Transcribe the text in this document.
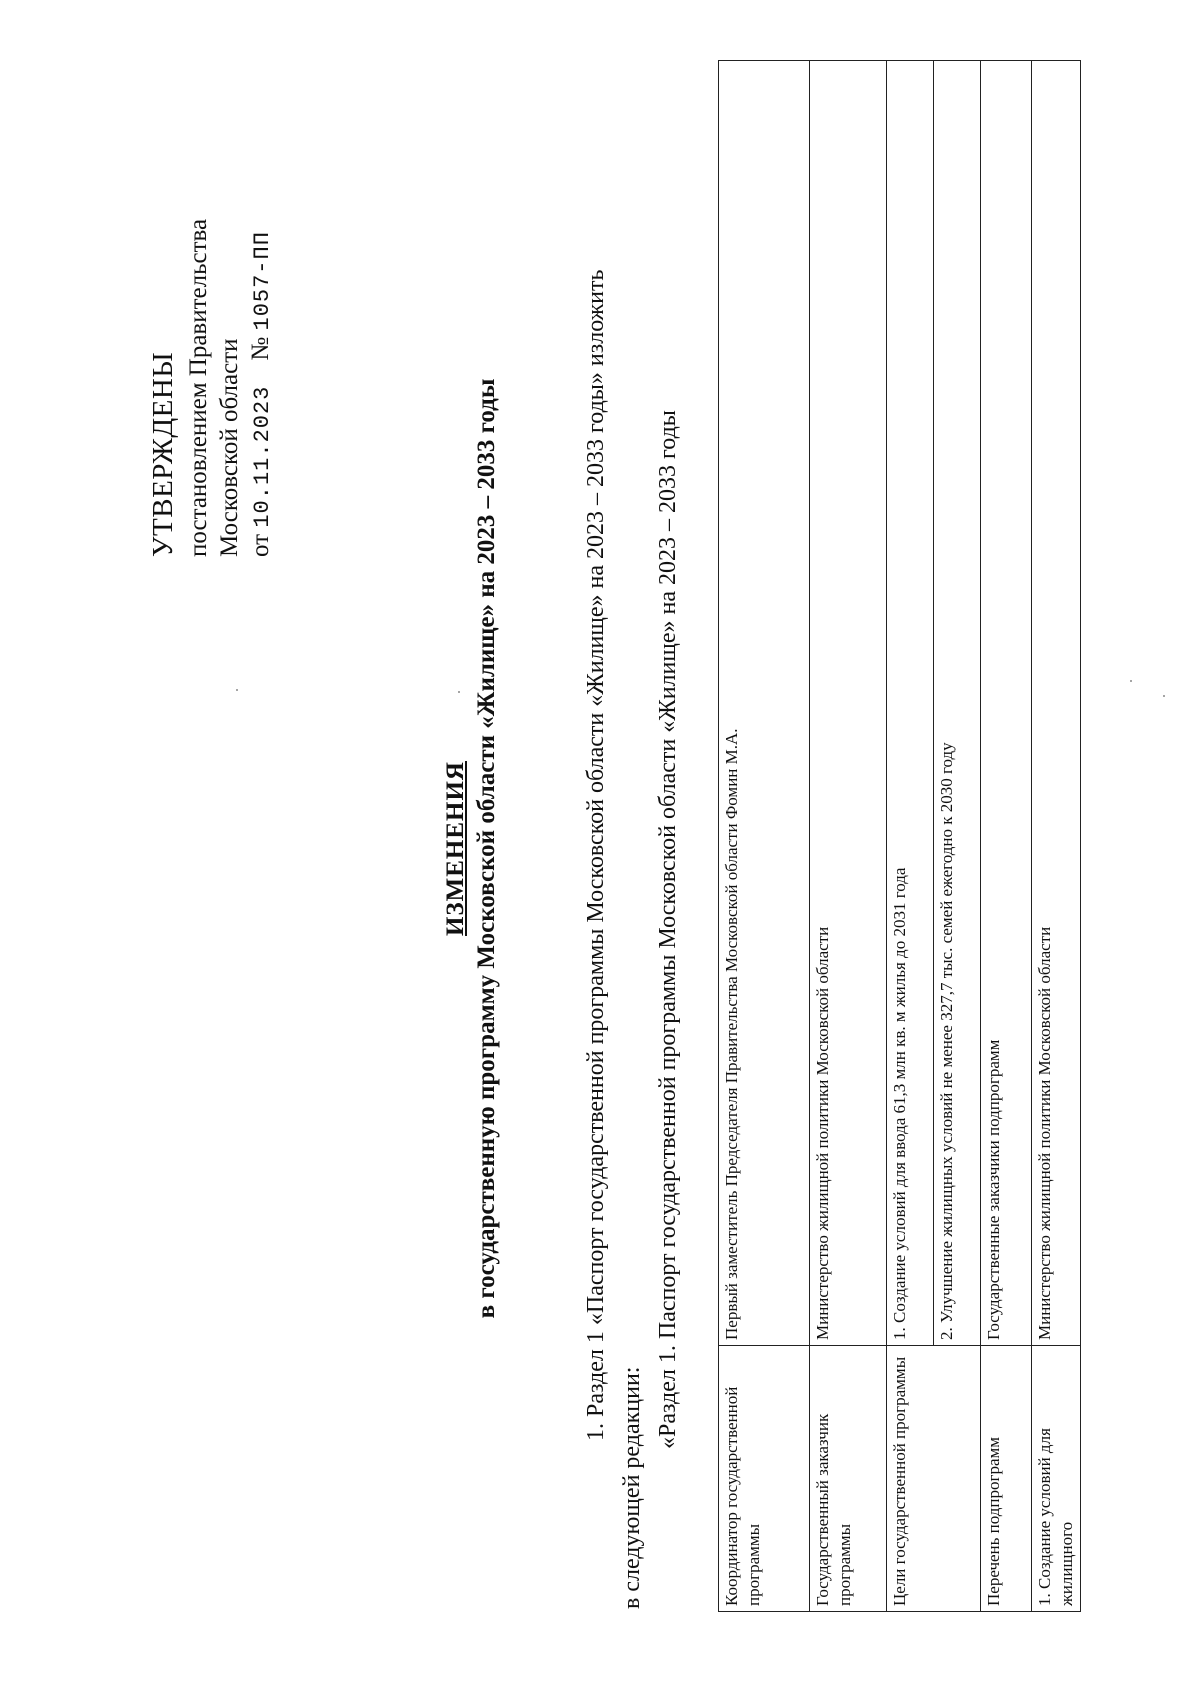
УТВЕРЖДЕНЫ постановлением Правительства Московской области от 10.11.2023    № 1057-ПП
ИЗМЕНЕНИЯ в государственную программу Московской области «Жилище» на 2023 – 2033 годы	1. Раздел 1 «Паспорт государственной программы Московской области «Жилище» на 2023 – 2033 годы» изложить
в следующей редакции:
«Раздел 1. Паспорт государственной программы Московской области «Жилище» на 2023 – 2033 годы
Координатор государственной программы	Первый заместитель Председателя Правительства Московской области Фомин М.А.
Государственный заказчик программы	Министерство жилищной политики Московской области
Цели государственной программы	1. Создание условий для ввода 61,3 млн кв. м жилья до 2031 года
	2. Улучшение жилищных условий не менее 327,7 тыс. семей ежегодно к 2030 году
Перечень подпрограмм	Государственные заказчики подпрограмм
1. Создание условий для жилищного	Министерство жилищной политики Московской области
